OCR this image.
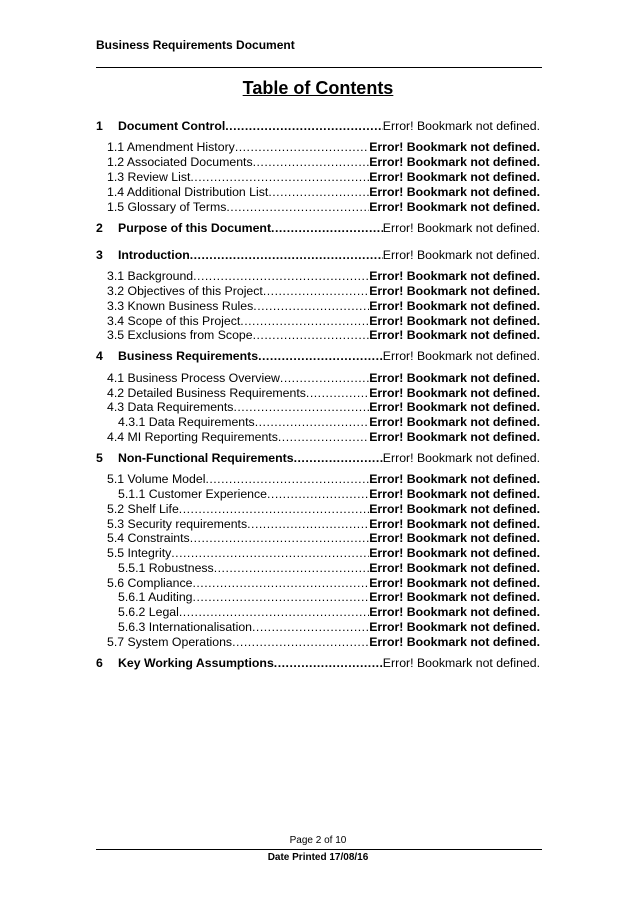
Business Requirements Document
Table of Contents
1	Document Control .....	Error! Bookmark not defined.
1.1 Amendment History .....	Error! Bookmark not defined.
1.2 Associated Documents .....	Error! Bookmark not defined.
1.3 Review List .....	Error! Bookmark not defined.
1.4 Additional Distribution List .....	Error! Bookmark not defined.
1.5 Glossary of Terms .....	Error! Bookmark not defined.
2	Purpose of this Document .....	Error! Bookmark not defined.
3	Introduction .....	Error! Bookmark not defined.
3.1 Background .....	Error! Bookmark not defined.
3.2 Objectives of this Project .....	Error! Bookmark not defined.
3.3 Known Business Rules .....	Error! Bookmark not defined.
3.4 Scope of this Project .....	Error! Bookmark not defined.
3.5 Exclusions from Scope .....	Error! Bookmark not defined.
4	Business Requirements .....	Error! Bookmark not defined.
4.1 Business Process Overview .....	Error! Bookmark not defined.
4.2 Detailed Business Requirements .....	Error! Bookmark not defined.
4.3 Data Requirements .....	Error! Bookmark not defined.
4.3.1 Data Requirements .....	Error! Bookmark not defined.
4.4 MI Reporting Requirements .....	Error! Bookmark not defined.
5	Non-Functional Requirements .....	Error! Bookmark not defined.
5.1 Volume Model .....	Error! Bookmark not defined.
5.1.1 Customer Experience .....	Error! Bookmark not defined.
5.2 Shelf Life .....	Error! Bookmark not defined.
5.3 Security requirements .....	Error! Bookmark not defined.
5.4 Constraints .....	Error! Bookmark not defined.
5.5 Integrity .....	Error! Bookmark not defined.
5.5.1 Robustness .....	Error! Bookmark not defined.
5.6 Compliance .....	Error! Bookmark not defined.
5.6.1 Auditing .....	Error! Bookmark not defined.
5.6.2 Legal .....	Error! Bookmark not defined.
5.6.3 Internationalisation .....	Error! Bookmark not defined.
5.7 System Operations .....	Error! Bookmark not defined.
6	Key Working Assumptions .....	Error! Bookmark not defined.
Page 2 of 10
Date Printed 17/08/16
